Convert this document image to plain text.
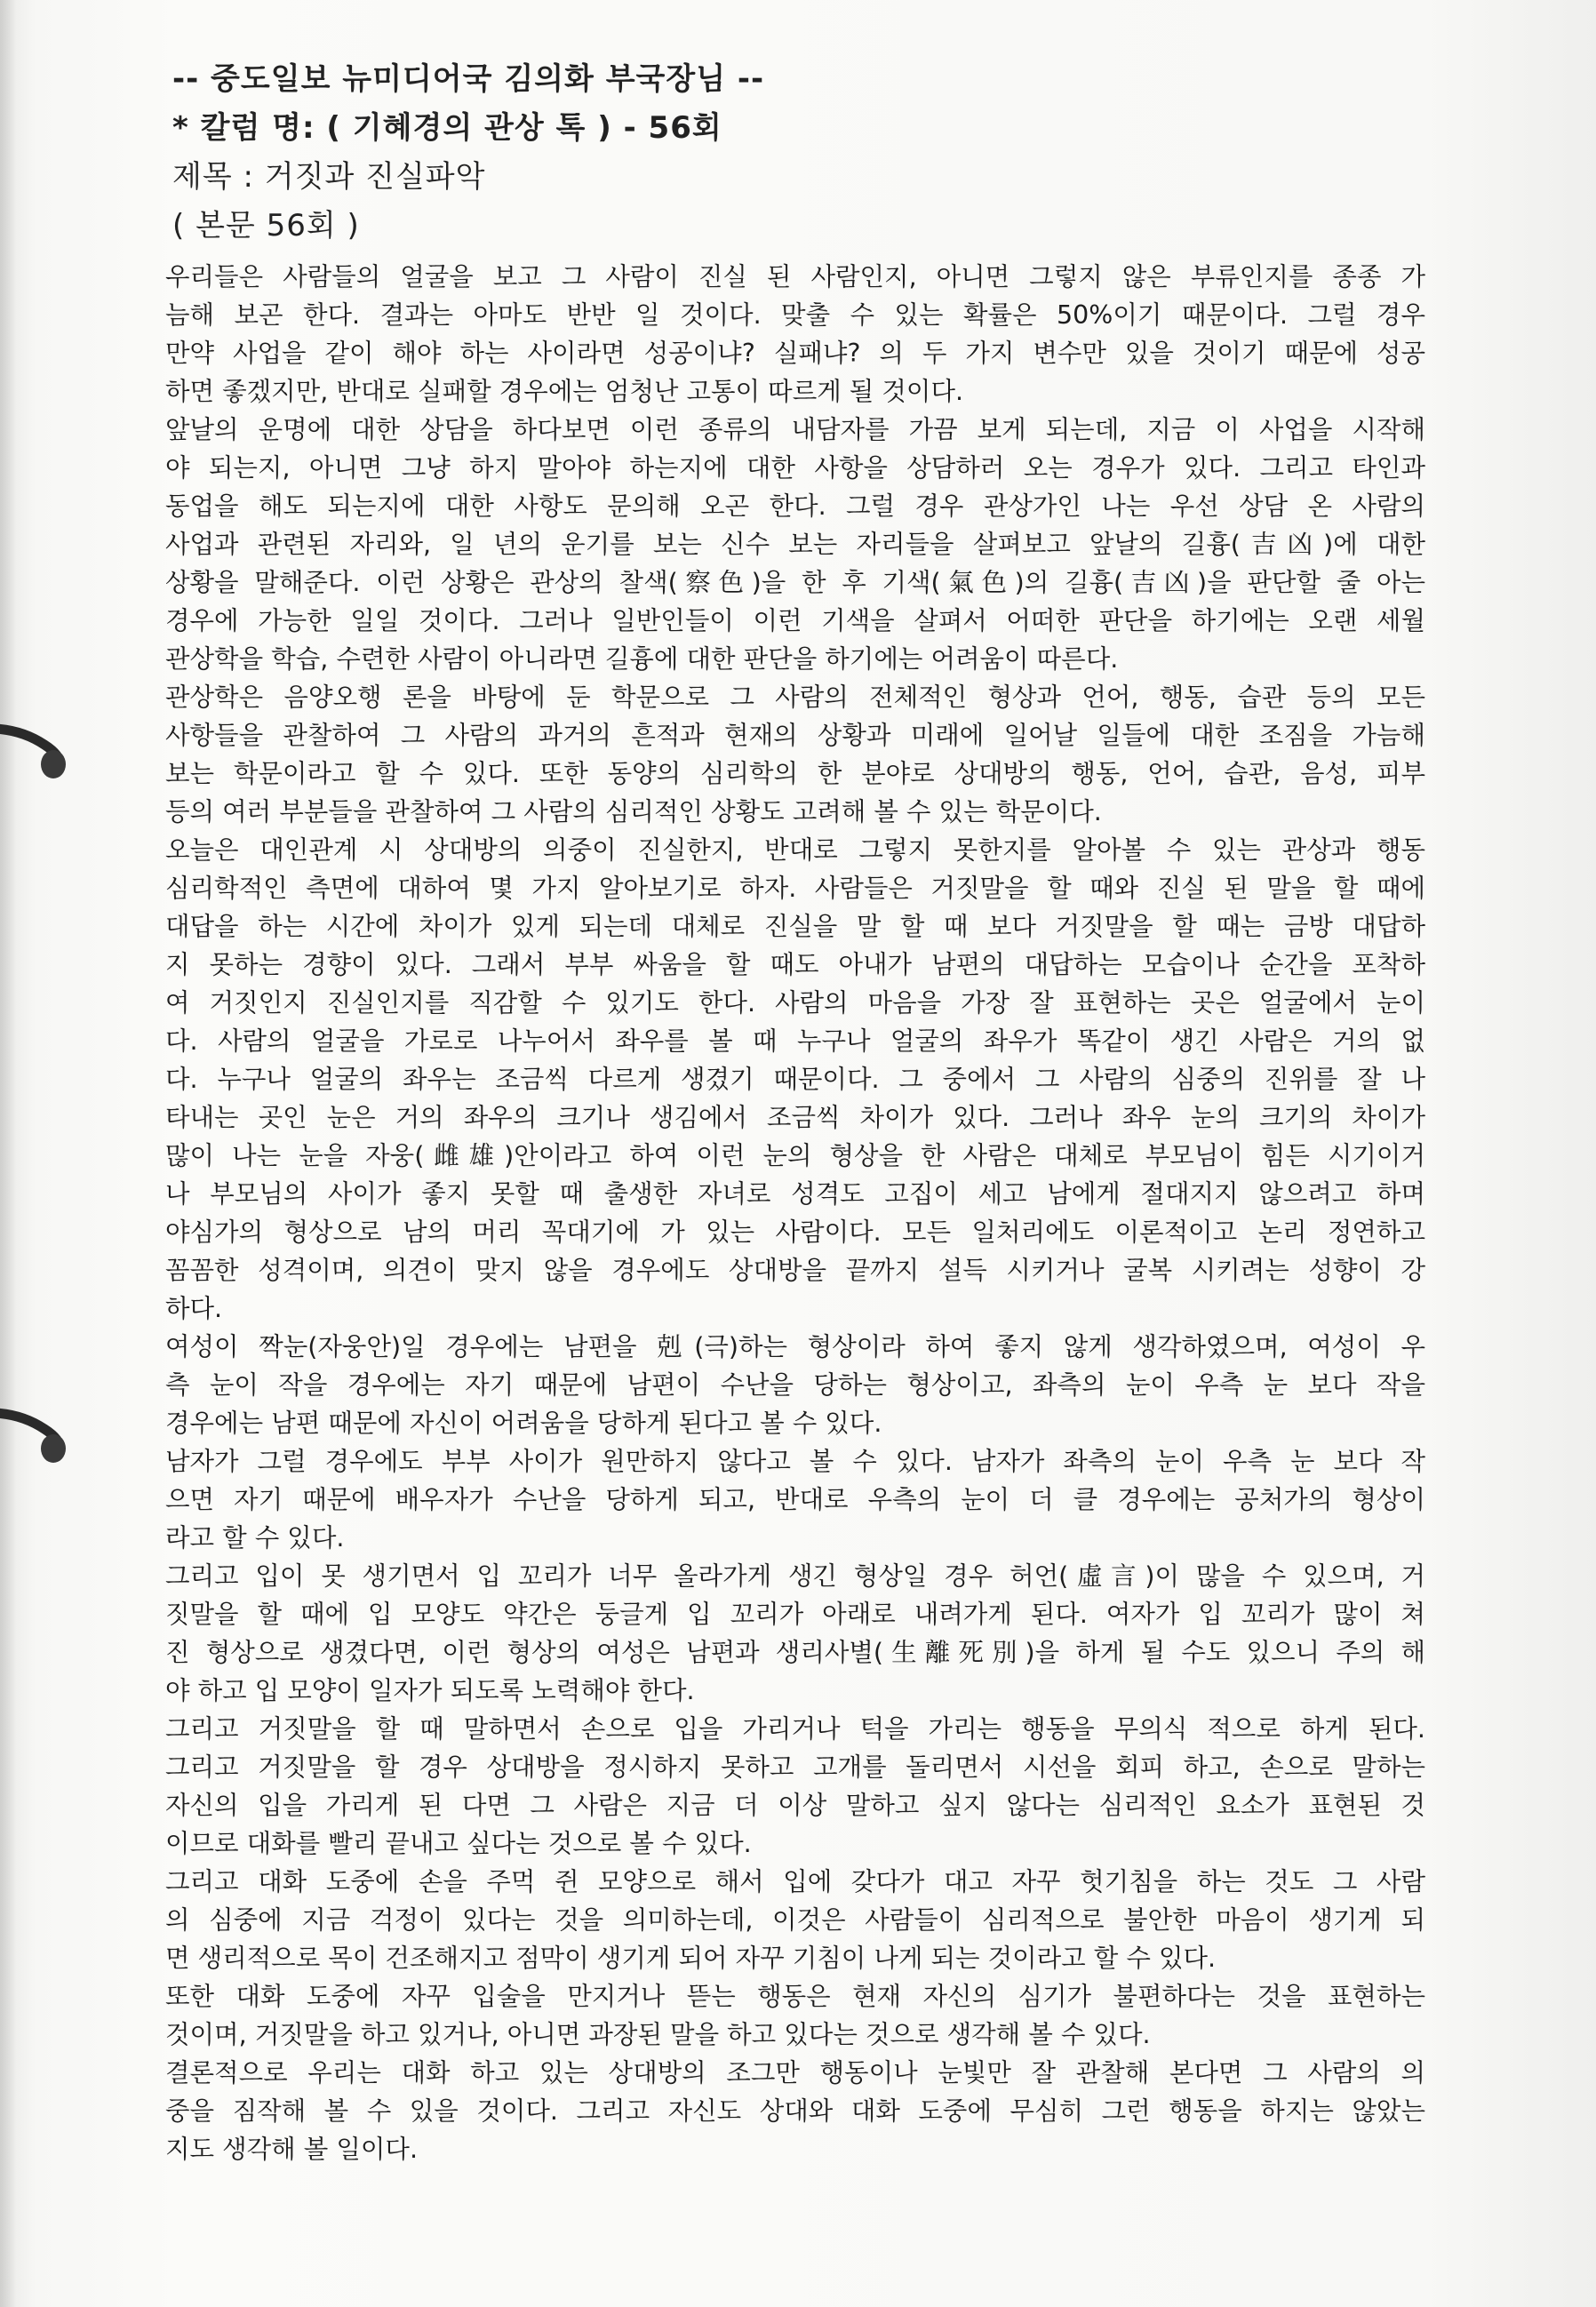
-- 중도일보 뉴미디어국 김의화 부국장님 --
* 칼럼 명: ( 기혜경의 관상 톡 ) - 56회
제목 : 거짓과 진실파악
( 본문 56회 )
우리들은 사람들의 얼굴을 보고 그 사람이 진실 된 사람인지, 아니면 그렇지 않은 부류인지를 종종 가
늠해 보곤 한다. 결과는 아마도 반반 일 것이다. 맞출 수 있는 확률은 50%이기 때문이다. 그럴 경우
만약 사업을 같이 해야 하는 사이라면 성공이냐? 실패냐? 의 두 가지 변수만 있을 것이기 때문에 성공
하면 좋겠지만, 반대로 실패할 경우에는 엄청난 고통이 따르게 될 것이다.
앞날의 운명에 대한 상담을 하다보면 이런 종류의 내담자를 가끔 보게 되는데, 지금 이 사업을 시작해
야 되는지, 아니면 그냥 하지 말아야 하는지에 대한 사항을 상담하러 오는 경우가 있다. 그리고 타인과
동업을 해도 되는지에 대한 사항도 문의해 오곤 한다. 그럴 경우 관상가인 나는 우선 상담 온 사람의
사업과 관련된 자리와, 일 년의 운기를 보는 신수 보는 자리들을 살펴보고 앞날의 길흉(吉凶)에 대한
상황을 말해준다. 이런 상황은 관상의 찰색(察色)을 한 후 기색(氣色)의 길흉(吉凶)을 판단할 줄 아는
경우에 가능한 일일 것이다. 그러나 일반인들이 이런 기색을 살펴서 어떠한 판단을 하기에는 오랜 세월
관상학을 학습, 수련한 사람이 아니라면 길흉에 대한 판단을 하기에는 어려움이 따른다.
관상학은 음양오행 론을 바탕에 둔 학문으로 그 사람의 전체적인 형상과 언어, 행동, 습관 등의 모든
사항들을 관찰하여 그 사람의 과거의 흔적과 현재의 상황과 미래에 일어날 일들에 대한 조짐을 가늠해
보는 학문이라고 할 수 있다. 또한 동양의 심리학의 한 분야로 상대방의 행동, 언어, 습관, 음성, 피부
등의 여러 부분들을 관찰하여 그 사람의 심리적인 상황도 고려해 볼 수 있는 학문이다.
오늘은 대인관계 시 상대방의 의중이 진실한지, 반대로 그렇지 못한지를 알아볼 수 있는 관상과 행동
심리학적인 측면에 대하여 몇 가지 알아보기로 하자. 사람들은 거짓말을 할 때와 진실 된 말을 할 때에
대답을 하는 시간에 차이가 있게 되는데 대체로 진실을 말 할 때 보다 거짓말을 할 때는 금방 대답하
지 못하는 경향이 있다. 그래서 부부 싸움을 할 때도 아내가 남편의 대답하는 모습이나 순간을 포착하
여 거짓인지 진실인지를 직감할 수 있기도 한다. 사람의 마음을 가장 잘 표현하는 곳은 얼굴에서 눈이
다. 사람의 얼굴을 가로로 나누어서 좌우를 볼 때 누구나 얼굴의 좌우가 똑같이 생긴 사람은 거의 없
다. 누구나 얼굴의 좌우는 조금씩 다르게 생겼기 때문이다. 그 중에서 그 사람의 심중의 진위를 잘 나
타내는 곳인 눈은 거의 좌우의 크기나 생김에서 조금씩 차이가 있다. 그러나 좌우 눈의 크기의 차이가
많이 나는 눈을 자웅(雌雄)안이라고 하여 이런 눈의 형상을 한 사람은 대체로 부모님이 힘든 시기이거
나 부모님의 사이가 좋지 못할 때 출생한 자녀로 성격도 고집이 세고 남에게 절대지지 않으려고 하며
야심가의 형상으로 남의 머리 꼭대기에 가 있는 사람이다. 모든 일처리에도 이론적이고 논리 정연하고
꼼꼼한 성격이며, 의견이 맞지 않을 경우에도 상대방을 끝까지 설득 시키거나 굴복 시키려는 성향이 강
하다.
여성이 짝눈(자웅안)일 경우에는 남편을 剋(극)하는 형상이라 하여 좋지 않게 생각하였으며, 여성이 우
측 눈이 작을 경우에는 자기 때문에 남편이 수난을 당하는 형상이고, 좌측의 눈이 우측 눈 보다 작을
경우에는 남편 때문에 자신이 어려움을 당하게 된다고 볼 수 있다.
남자가 그럴 경우에도 부부 사이가 원만하지 않다고 볼 수 있다. 남자가 좌측의 눈이 우측 눈 보다 작
으면 자기 때문에 배우자가 수난을 당하게 되고, 반대로 우측의 눈이 더 클 경우에는 공처가의 형상이
라고 할 수 있다.
그리고 입이 못 생기면서 입 꼬리가 너무 올라가게 생긴 형상일 경우 허언(虛言)이 많을 수 있으며, 거
짓말을 할 때에 입 모양도 약간은 둥글게 입 꼬리가 아래로 내려가게 된다. 여자가 입 꼬리가 많이 쳐
진 형상으로 생겼다면, 이런 형상의 여성은 남편과 생리사별(生離死別)을 하게 될 수도 있으니 주의 해
야 하고 입 모양이 일자가 되도록 노력해야 한다.
그리고 거짓말을 할 때 말하면서 손으로 입을 가리거나 턱을 가리는 행동을 무의식 적으로 하게 된다.
그리고 거짓말을 할 경우 상대방을 정시하지 못하고 고개를 돌리면서 시선을 회피 하고, 손으로 말하는
자신의 입을 가리게 된 다면 그 사람은 지금 더 이상 말하고 싶지 않다는 심리적인 요소가 표현된 것
이므로 대화를 빨리 끝내고 싶다는 것으로 볼 수 있다.
그리고 대화 도중에 손을 주먹 쥔 모양으로 해서 입에 갖다가 대고 자꾸 헛기침을 하는 것도 그 사람
의 심중에 지금 걱정이 있다는 것을 의미하는데, 이것은 사람들이 심리적으로 불안한 마음이 생기게 되
면 생리적으로 목이 건조해지고 점막이 생기게 되어 자꾸 기침이 나게 되는 것이라고 할 수 있다.
또한 대화 도중에 자꾸 입술을 만지거나 뜯는 행동은 현재 자신의 심기가 불편하다는 것을 표현하는
것이며, 거짓말을 하고 있거나, 아니면 과장된 말을 하고 있다는 것으로 생각해 볼 수 있다.
결론적으로 우리는 대화 하고 있는 상대방의 조그만 행동이나 눈빛만 잘 관찰해 본다면 그 사람의 의
중을 짐작해 볼 수 있을 것이다. 그리고 자신도 상대와 대화 도중에 무심히 그런 행동을 하지는 않았는
지도 생각해 볼 일이다.
